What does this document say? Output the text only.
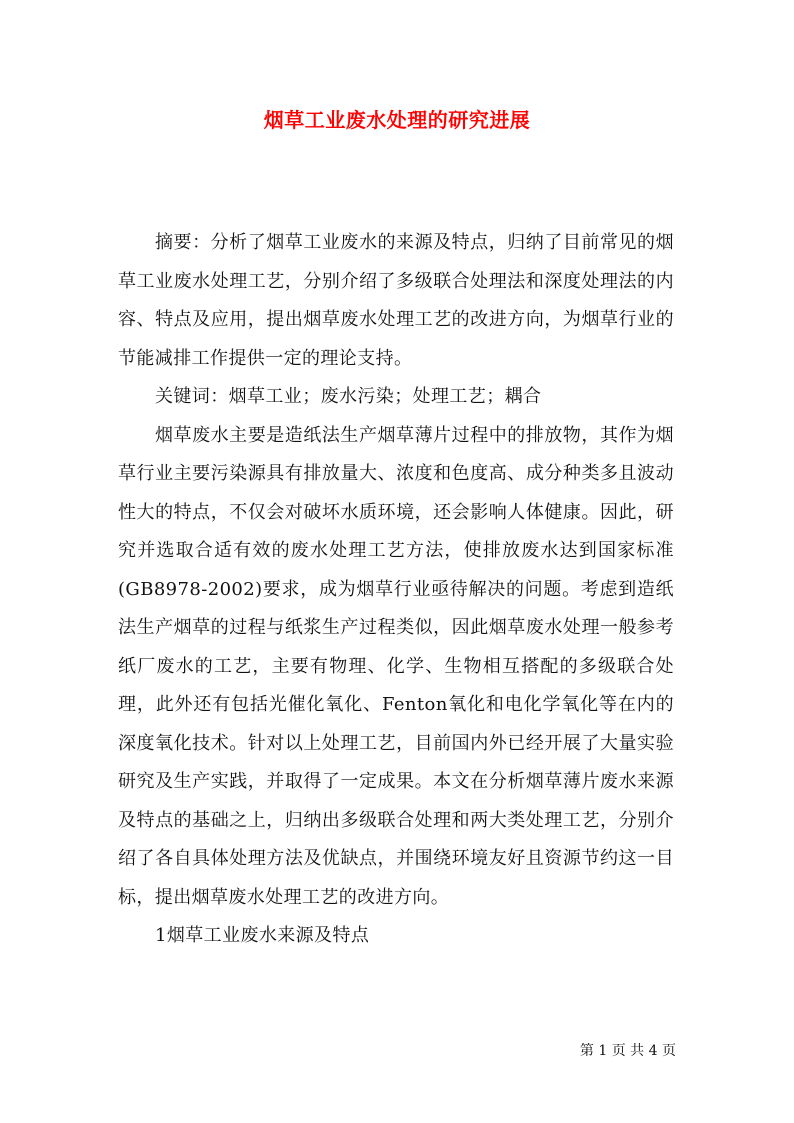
烟草工业废水处理的研究进展

摘要：分析了烟草工业废水的来源及特点，归纳了目前常见的烟草工业废水处理工艺，分别介绍了多级联合处理法和深度处理法的内容、特点及应用，提出烟草废水处理工艺的改进方向，为烟草行业的节能减排工作提供一定的理论支持。

关键词：烟草工业；废水污染；处理工艺；耦合

烟草废水主要是造纸法生产烟草薄片过程中的排放物，其作为烟草行业主要污染源具有排放量大、浓度和色度高、成分种类多且波动性大的特点，不仅会对破坏水质环境，还会影响人体健康。因此，研究并选取合适有效的废水处理工艺方法，使排放废水达到国家标准(GB8978-2002)要求，成为烟草行业亟待解决的问题。考虑到造纸法生产烟草的过程与纸浆生产过程类似，因此烟草废水处理一般参考纸厂废水的工艺，主要有物理、化学、生物相互搭配的多级联合处理，此外还有包括光催化氧化、Fenton氧化和电化学氧化等在内的深度氧化技术。针对以上处理工艺，目前国内外已经开展了大量实验研究及生产实践，并取得了一定成果。本文在分析烟草薄片废水来源及特点的基础之上，归纳出多级联合处理和两大类处理工艺，分别介绍了各自具体处理方法及优缺点，并围绕环境友好且资源节约这一目标，提出烟草废水处理工艺的改进方向。

1烟草工业废水来源及特点

第 1 页 共 4 页
